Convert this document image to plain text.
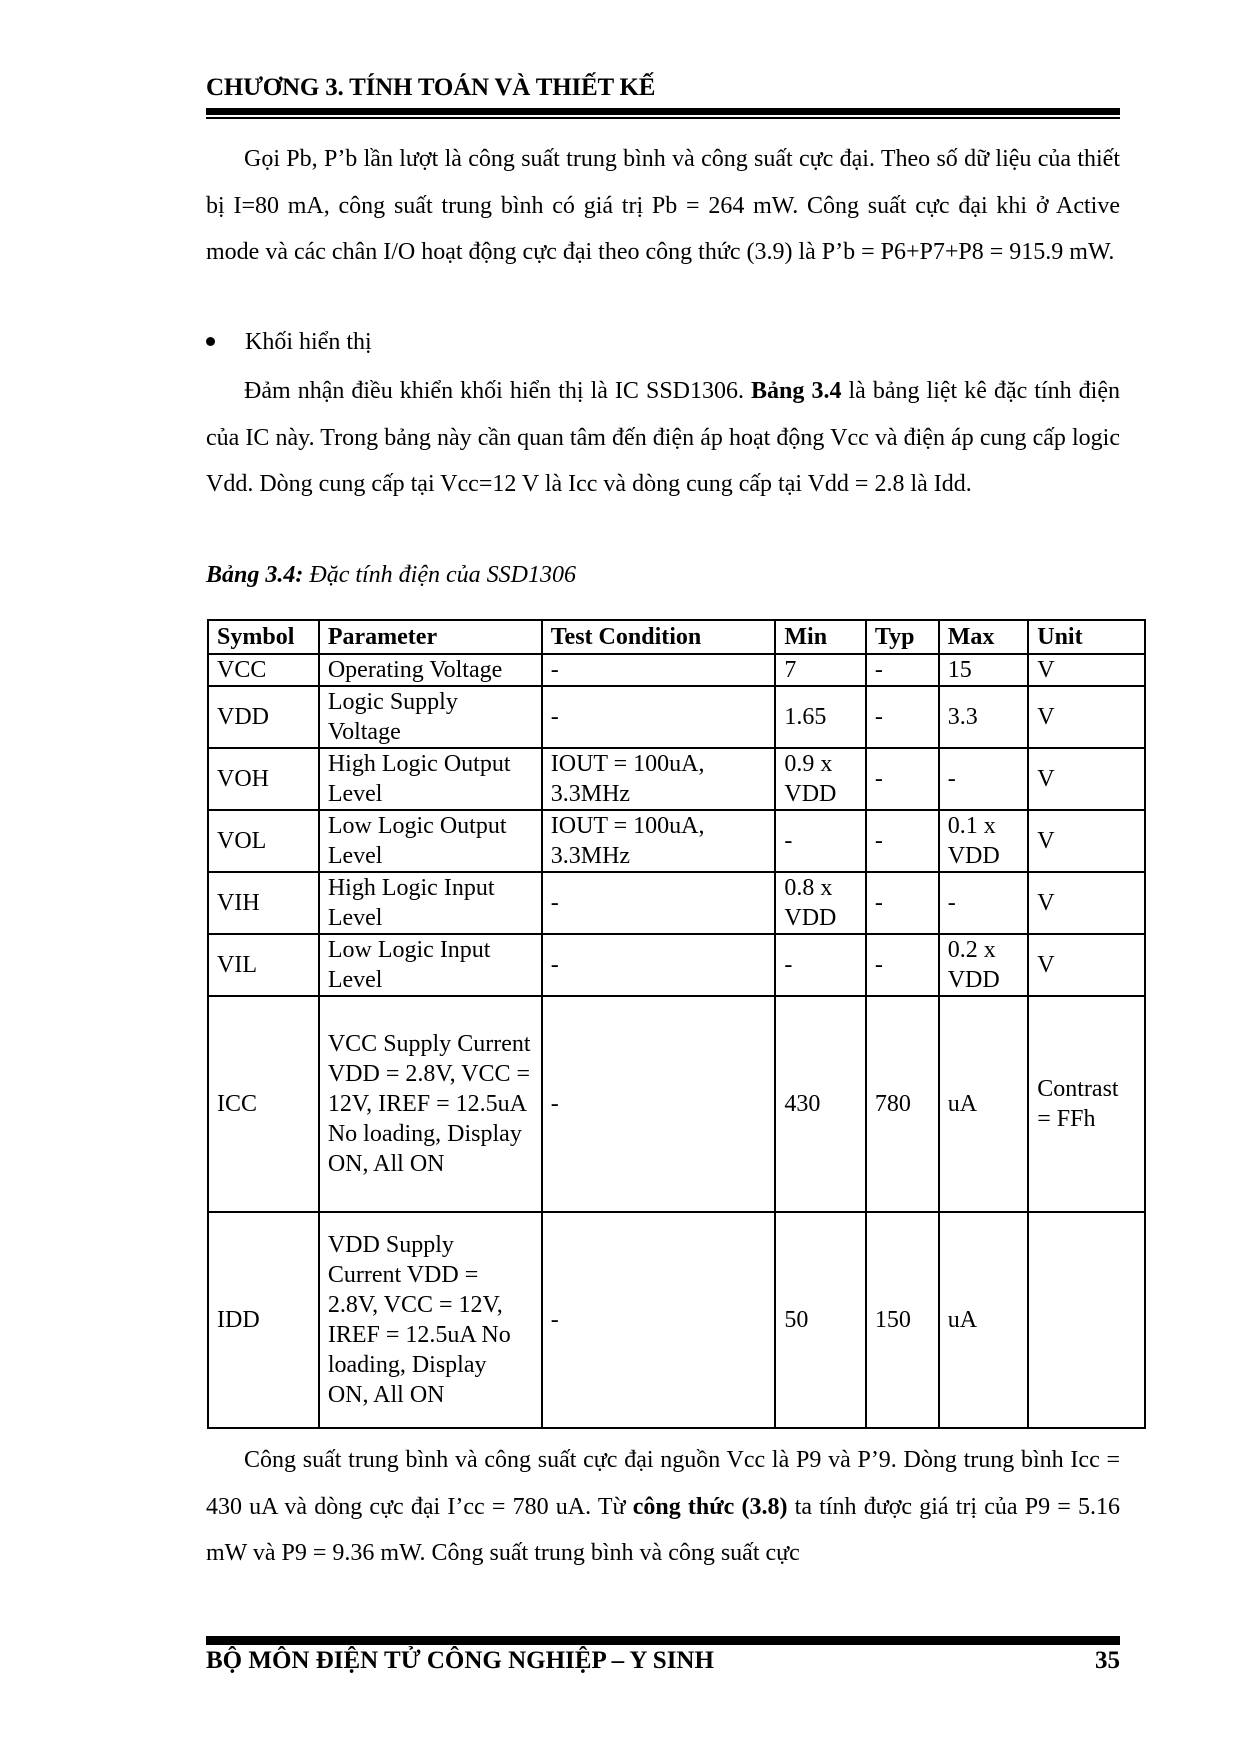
CHƯƠNG 3. TÍNH TOÁN VÀ THIẾT KẾ
Gọi Pb, P’b lần lượt là công suất trung bình và công suất cực đại. Theo số dữ liệu của thiết bị I=80 mA, công suất trung bình có giá trị Pb = 264 mW. Công suất cực đại khi ở Active mode và các chân I/O hoạt động cực đại theo công thức (3.9) là P’b = P6+P7+P8 = 915.9 mW.
Khối hiển thị
Đảm nhận điều khiển khối hiển thị là IC SSD1306. Bảng 3.4 là bảng liệt kê đặc tính điện của IC này. Trong bảng này cần quan tâm đến điện áp hoạt động Vcc và điện áp cung cấp logic Vdd. Dòng cung cấp tại Vcc=12 V là Icc và dòng cung cấp tại Vdd = 2.8 là Idd.
Bảng 3.4: Đặc tính điện của SSD1306
Symbol	Parameter	Test Condition	Min	Typ	Max	Unit
VCC	Operating Voltage	-	7	-	15	V
VDD	Logic Supply Voltage	-	1.65	-	3.3	V
VOH	High Logic Output Level	IOUT = 100uA, 3.3MHz	0.9 x VDD	-	-	V
VOL	Low Logic Output Level	IOUT = 100uA, 3.3MHz	-	-	0.1 x VDD	V
VIH	High Logic Input Level	-	0.8 x VDD	-	-	V
VIL	Low Logic Input Level	-	-	-	0.2 x VDD	V
ICC	VCC Supply Current VDD = 2.8V, VCC = 12V, IREF = 12.5uA No loading, Display ON, All ON	-	430	780	uA	Contrast = FFh
IDD	VDD Supply Current VDD = 2.8V, VCC = 12V, IREF = 12.5uA No loading, Display ON, All ON	-	50	150	uA	
Công suất trung bình và công suất cực đại nguồn Vcc là P9 và P’9. Dòng trung bình Icc = 430 uA và dòng cực đại I’cc = 780 uA. Từ công thức (3.8) ta tính được giá trị của P9 = 5.16 mW và P9 = 9.36 mW. Công suất trung bình và công suất cực
BỘ MÔN ĐIỆN TỬ CÔNG NGHIỆP – Y SINH	35
